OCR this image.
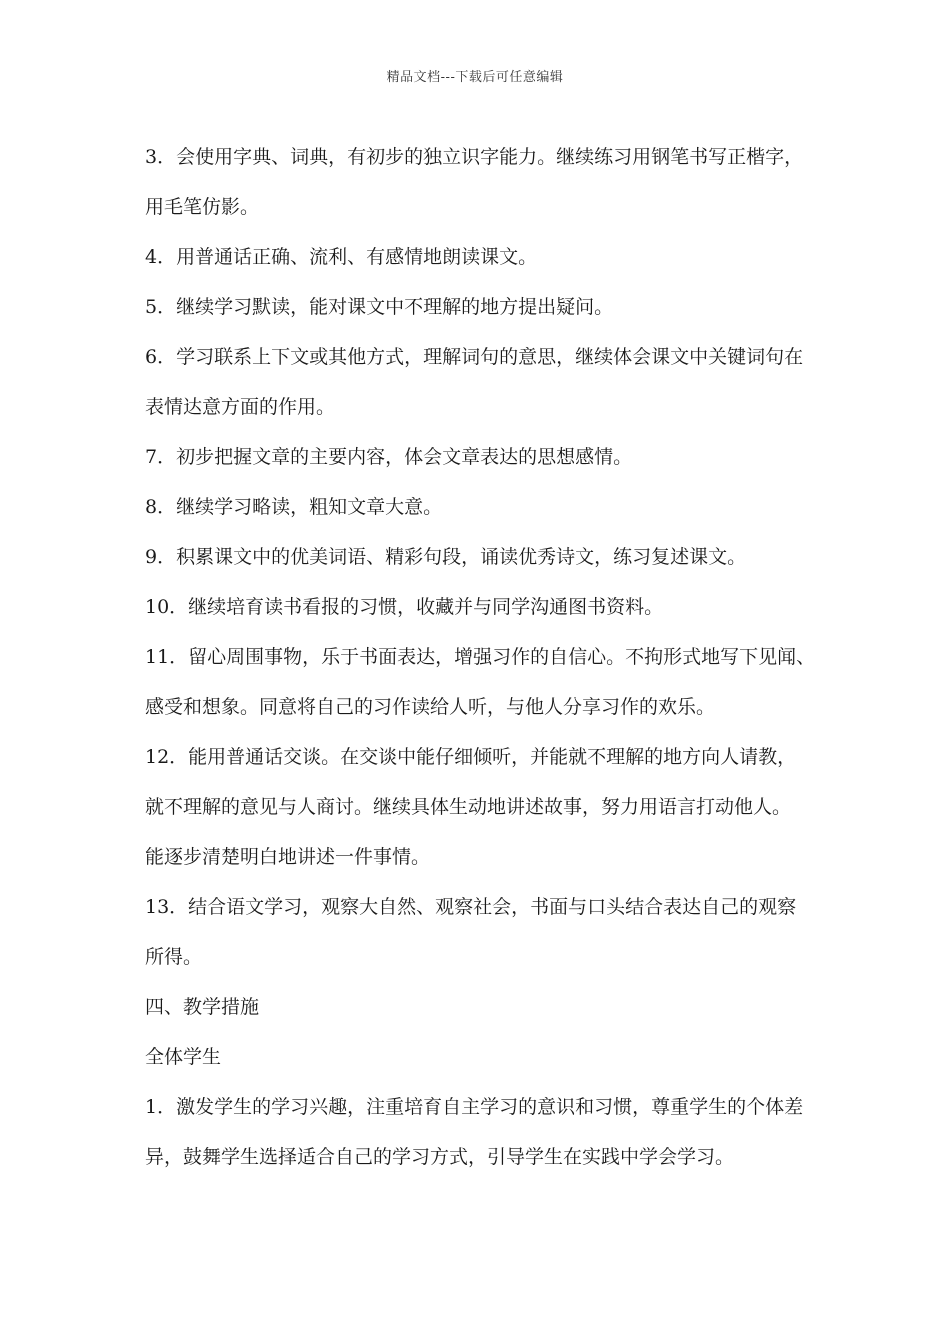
精品文档---下载后可任意编辑
3．会使用字典、词典，有初步的独立识字能力。继续练习用钢笔书写正楷字，
用毛笔仿影。
4．用普通话正确、流利、有感情地朗读课文。
5．继续学习默读，能对课文中不理解的地方提出疑问。
6．学习联系上下文或其他方式，理解词句的意思，继续体会课文中关键词句在
表情达意方面的作用。
7．初步把握文章的主要内容，体会文章表达的思想感情。
8．继续学习略读，粗知文章大意。
9．积累课文中的优美词语、精彩句段，诵读优秀诗文，练习复述课文。
10．继续培育读书看报的习惯，收藏并与同学沟通图书资料。
11．留心周围事物，乐于书面表达，增强习作的自信心。不拘形式地写下见闻、
感受和想象。同意将自己的习作读给人听，与他人分享习作的欢乐。
12．能用普通话交谈。在交谈中能仔细倾听，并能就不理解的地方向人请教，
就不理解的意见与人商讨。继续具体生动地讲述故事，努力用语言打动他人。
能逐步清楚明白地讲述一件事情。
13．结合语文学习，观察大自然、观察社会，书面与口头结合表达自己的观察
所得。
四、教学措施
全体学生
1．激发学生的学习兴趣，注重培育自主学习的意识和习惯，尊重学生的个体差
异，鼓舞学生选择适合自己的学习方式，引导学生在实践中学会学习。
